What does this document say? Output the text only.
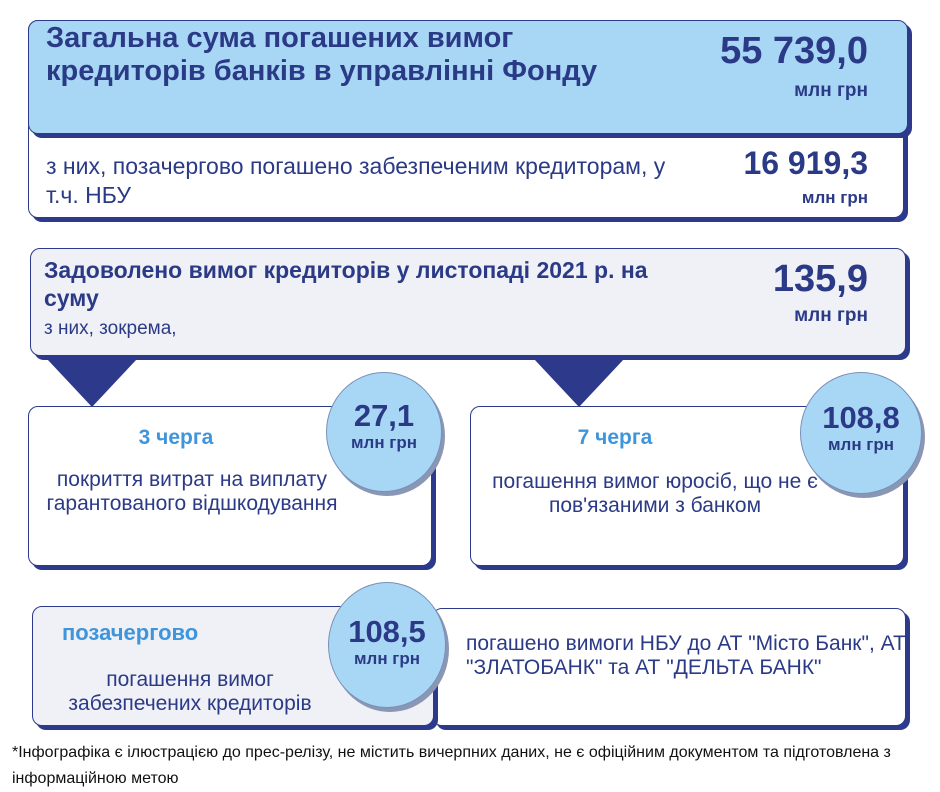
Загальна сума погашених вимог кредиторів банків в управлінні Фонду	55 739,0
млн грн
з них, позачергово погашено забезпеченим кредиторам, у т.ч. НБУ
16 919,3
млн грн
Задоволено вимог кредиторів у листопаді 2021 р. на суму
з них, зокрема,
135,9
млн грн
3 черга
покриття витрат на виплату гарантованого відшкодування
7 черга
погашення вимог юросіб, що не є пов'язаними з банком
27,1
млн грн
108,8
млн грн
позачергово
погашення вимог забезпечених кредиторів
погашено вимоги НБУ до АТ "Місто Банк", АТ "ЗЛАТОБАНК" та АТ "ДЕЛЬТА БАНК"
108,5
млн грн
*Інфографіка є ілюстрацією до прес-релізу, не містить вичерпних даних, не є офіційним документом та підготовлена з інформаційною метою
